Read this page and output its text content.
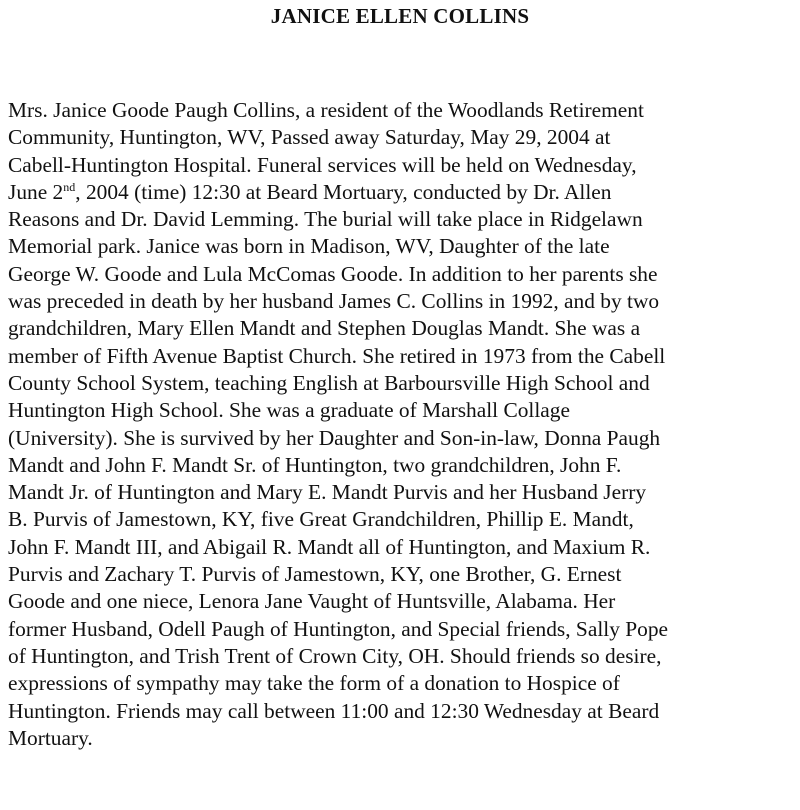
JANICE ELLEN COLLINS

Mrs. Janice Goode Paugh Collins, a resident of the Woodlands Retirement
Community, Huntington, WV, Passed away Saturday, May 29, 2004 at
Cabell-Huntington Hospital. Funeral services will be held on Wednesday,
June 2nd, 2004 (time) 12:30 at Beard Mortuary, conducted by Dr. Allen
Reasons and Dr. David Lemming. The burial will take place in Ridgelawn
Memorial park. Janice was born in Madison, WV, Daughter of the late
George W. Goode and Lula McComas Goode. In addition to her parents she
was preceded in death by her husband James C. Collins in 1992, and by two
grandchildren, Mary Ellen Mandt and Stephen Douglas Mandt. She was a
member of Fifth Avenue Baptist Church. She retired in 1973 from the Cabell
County School System, teaching English at Barboursville High School and
Huntington High School. She was a graduate of Marshall Collage
(University). She is survived by her Daughter and Son-in-law, Donna Paugh
Mandt and John F. Mandt Sr. of Huntington, two grandchildren, John F.
Mandt Jr. of Huntington and Mary E. Mandt Purvis and her Husband Jerry
B. Purvis of Jamestown, KY, five Great Grandchildren, Phillip E. Mandt,
John F. Mandt III, and Abigail R. Mandt all of Huntington, and Maxium R.
Purvis and Zachary T. Purvis of Jamestown, KY, one Brother, G. Ernest
Goode and one niece, Lenora Jane Vaught of Huntsville, Alabama. Her
former Husband, Odell Paugh of Huntington, and Special friends, Sally Pope
of Huntington, and Trish Trent of Crown City, OH. Should friends so desire,
expressions of sympathy may take the form of a donation to Hospice of
Huntington. Friends may call between 11:00 and 12:30 Wednesday at Beard
Mortuary.
